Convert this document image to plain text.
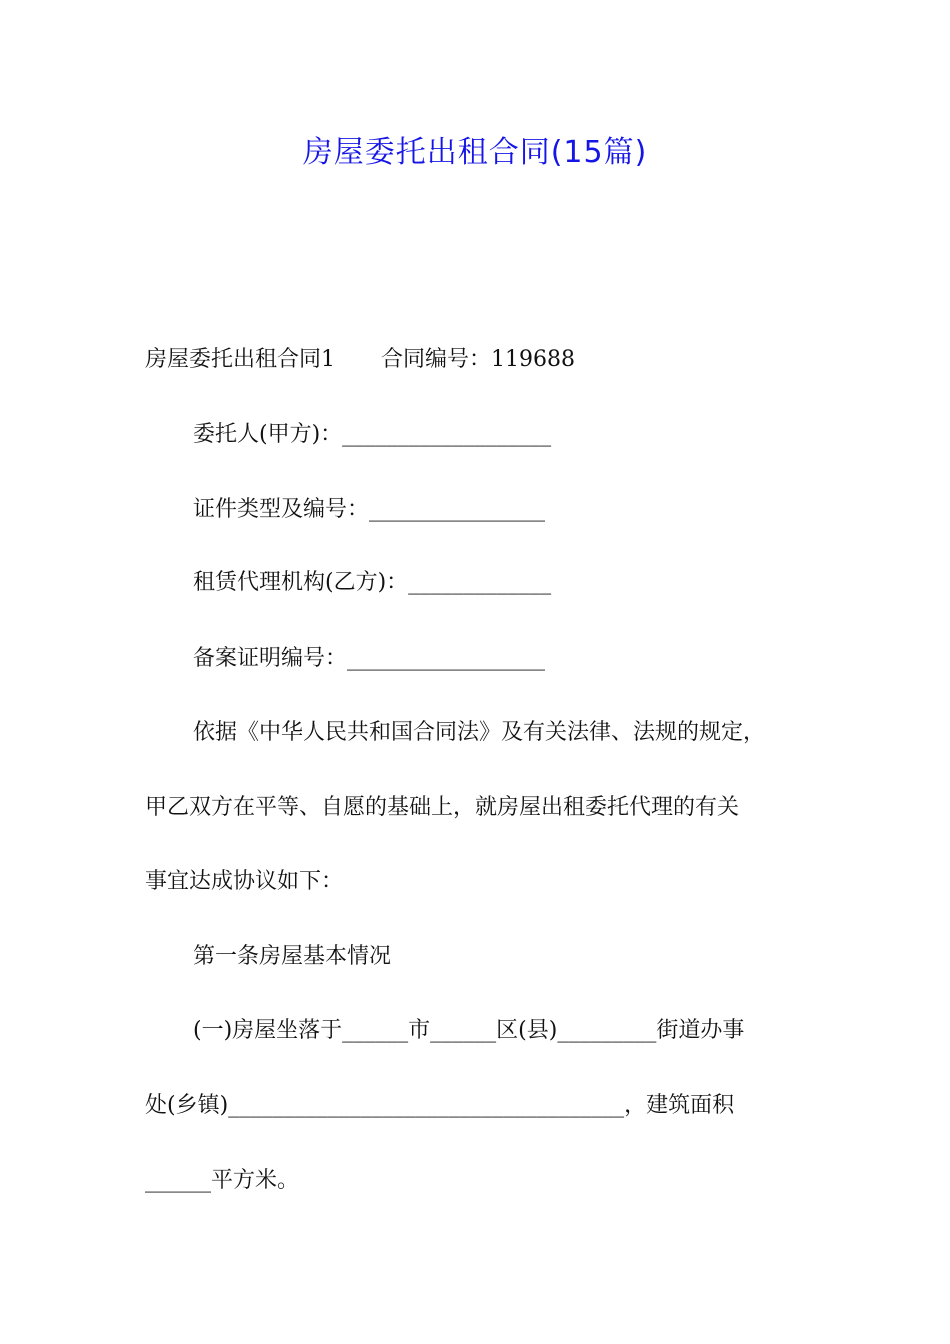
房屋委托出租合同(15篇)
房屋委托出租合同1 合同编号：119688
委托人(甲方)：___________________
证件类型及编号：________________
租赁代理机构(乙方)：_____________
备案证明编号：__________________
依据《中华人民共和国合同法》及有关法律、法规的规定，
甲乙双方在平等、自愿的基础上，就房屋出租委托代理的有关
事宜达成协议如下：
第一条房屋基本情况
(一)房屋坐落于______市______区(县)_________街道办事
处(乡镇)____________________________________，建筑面积
______平方米。
